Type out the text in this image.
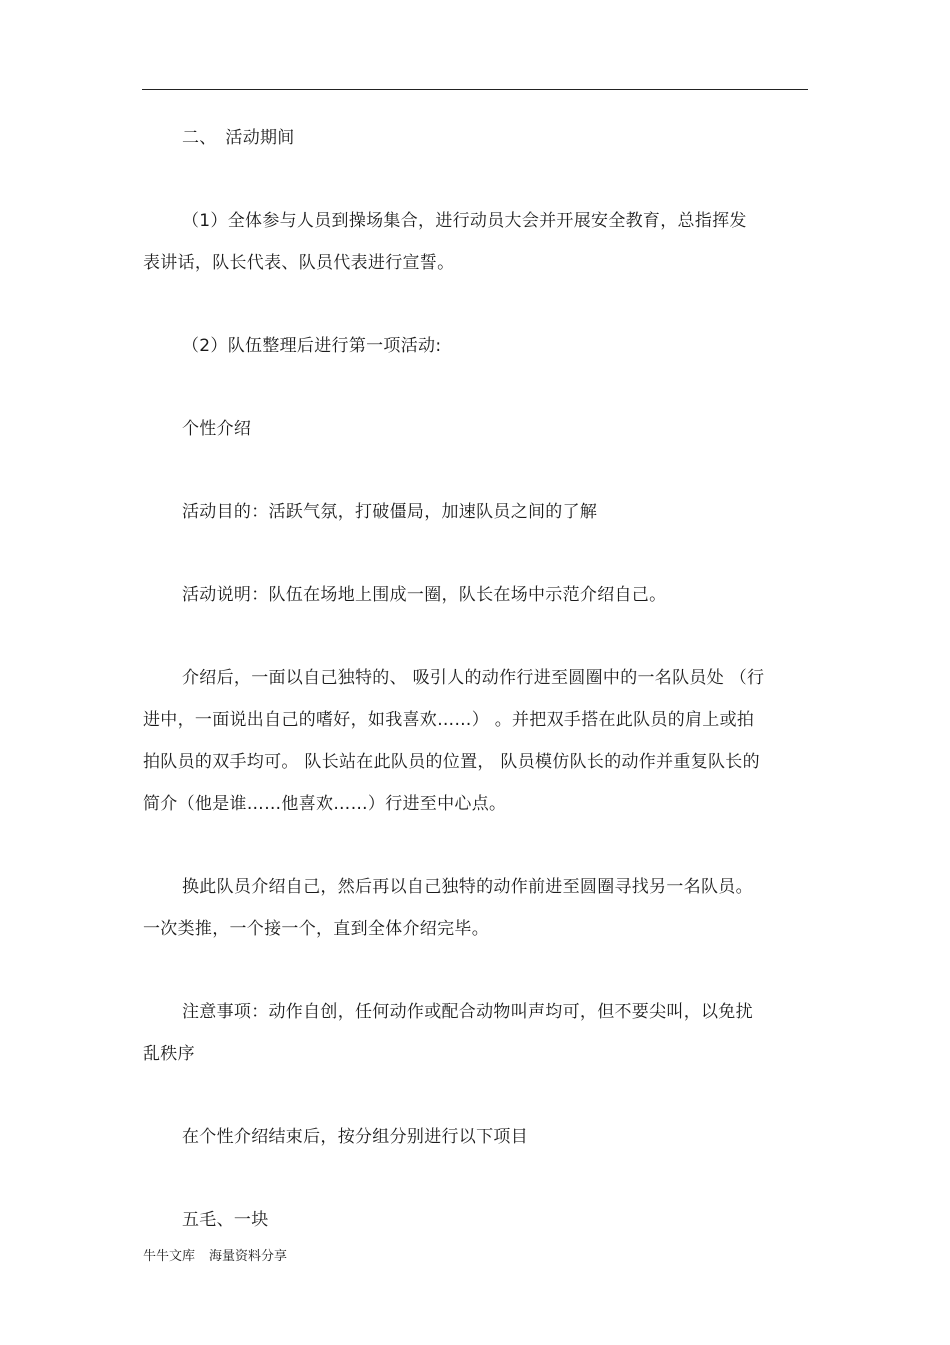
二、　活动期间
（1）全体参与人员到操场集合，进行动员大会并开展安全教育，总指挥发
表讲话，队长代表、队员代表进行宣誓。
（2）队伍整理后进行第一项活动:
个性介绍
活动目的：活跃气氛，打破僵局，加速队员之间的了解
活动说明：队伍在场地上围成一圈，队长在场中示范介绍自己。
介绍后，一面以自己独特的、 吸引人的动作行进至圆圈中的一名队员处 （行
进中，一面说出自己的嗜好，如我喜欢……） 。并把双手搭在此队员的肩上或拍
拍队员的双手均可。 队长站在此队员的位置， 队员模仿队长的动作并重复队长的
简介（他是谁……他喜欢……）行进至中心点。
换此队员介绍自己，然后再以自己独特的动作前进至圆圈寻找另一名队员。
一次类推，一个接一个，直到全体介绍完毕。
注意事项：动作自创，任何动作或配合动物叫声均可，但不要尖叫，以免扰
乱秩序
在个性介绍结束后，按分组分别进行以下项目
五毛、一块
牛牛文库 海量资料分享
